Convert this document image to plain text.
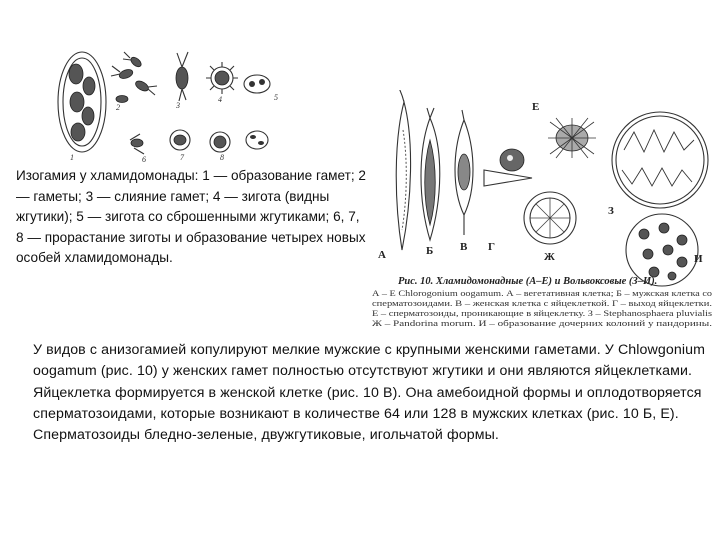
2	3
4	5
1	6	7	8

Изогамия у хламидомонады: 1 — образование гамет; 2 — гаметы; 3 — слияние гамет; 4 — зигота (видны жгутики); 5 — зигота со сброшенными жгутиками; 6, 7, 8 — прорастание зиготы и образование четырех новых особей хламидомонады.	А	Б В Г
Е
Ж
З
И
Рис. 10. Хламидомонадные (А–Е) и Вольвоксовые (З–И).
А – Е Chlorogonium oogamum. А – вегетативная клетка; Б – мужская клетка со
сперматозоидами. В – женская клетка с яйцеклеткой. Г – выход яйцеклетки.
Е – сперматозоиды, проникающие в яйцеклетку. З – Stephanosphaera pluvialis
Ж – Pandorina morum. И – образование дочерних колоний у пандорины.

У видов с анизогамией копулируют мелкие мужские с крупными женскими гаметами. У Chlowgonium oogamum (рис. 10) у женских гамет полностью отсутствуют жгутики и они являются яйцеклетками. Яйцеклетка формируется в женской клетке (рис. 10 В). Она амебоидной формы и оплодотворяется сперматозоидами, которые возникают в количестве 64 или 128 в мужских клетках (рис. 10 Б, Е). Сперматозоиды бледно-зеленые, двужгутиковые, игольчатой формы.
